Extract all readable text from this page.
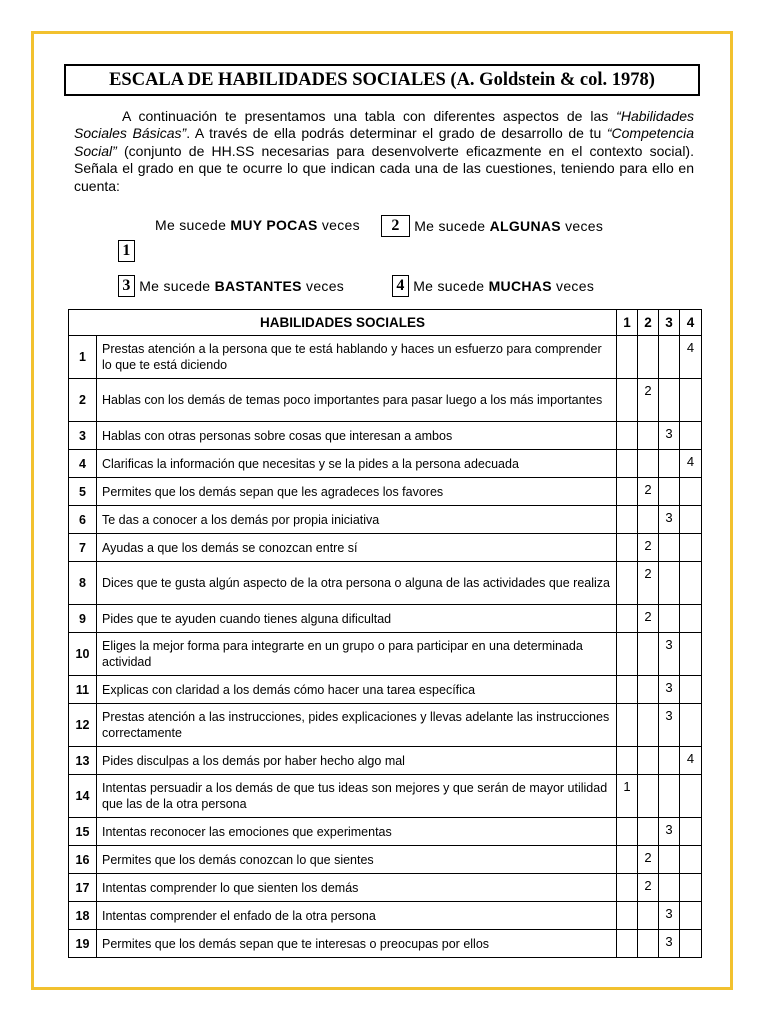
ESCALA DE HABILIDADES SOCIALES (A. Goldstein & col. 1978)

A continuación te presentamos una tabla con diferentes aspectos de las “Habilidades Sociales Básicas”. A través de ella podrás determinar el grado de desarrollo de tu “Competencia Social” (conjunto de HH.SS necesarias para desenvolverte eficazmente en el contexto social). Señala el grado en que te ocurre lo que indican cada una de las cuestiones, teniendo para ello en cuenta:

Me sucede
MUY POCAS
veces	2
	Me sucede
ALGUNAS
veces
1
3
Me sucede
BASTANTES
veces	4
Me sucede
MUCHAS
veces
HABILIDADES SOCIALES		1	2	3	4
1	Prestas atención a la persona que te está hablando y haces un esfuerzo para comprender lo que te está diciendo				4
2	Hablas con los demás de temas poco importantes para pasar luego a los más importantes		2		
3	Hablas con otras personas sobre cosas que interesan a ambos			3	
4	Clarificas la información que necesitas y se la pides a la persona adecuada				4
5	Permites que los demás sepan que les agradeces los favores		2		
6	Te das a conocer a los demás por propia iniciativa			3	
7	Ayudas a que los demás se conozcan entre sí		2		
8	Dices que te gusta algún aspecto de la otra persona o alguna de las actividades que realiza		2		
9	Pides que te ayuden cuando tienes alguna dificultad		2		
10	Eliges la mejor forma para integrarte en un grupo o para participar en una determinada actividad			3	
11	Explicas con claridad a los demás cómo hacer una tarea específica			3	
12	Prestas atención a las instrucciones, pides explicaciones y llevas adelante las instrucciones correctamente			3	
13	Pides disculpas a los demás por haber hecho algo mal				4
14	Intentas persuadir a los demás de que tus ideas son mejores y que serán de mayor utilidad que las de la otra persona	1			
15	Intentas reconocer las emociones que experimentas			3	
16	Permites que los demás conozcan lo que sientes		2		
17	Intentas comprender lo que sienten los demás		2		
18	Intentas comprender el enfado de la otra persona			3	
19	Permites que los demás sepan que te interesas o preocupas por ellos			3	
